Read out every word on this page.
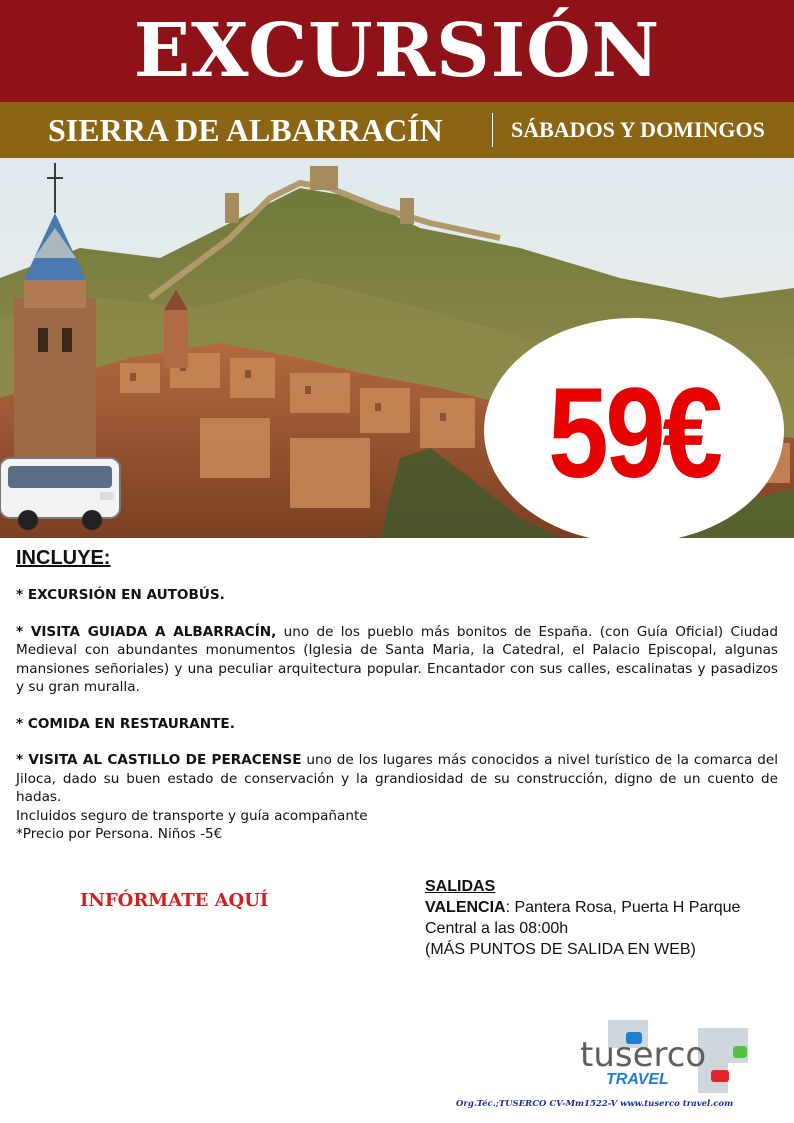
EXCURSIÓN
SIERRA DE ALBARRACÍN	SÁBADOS Y DOMINGOS
59€
INCLUYE:

* EXCURSIÓN EN AUTOBÚS.

* VISITA GUIADA A ALBARRACÍN, uno de los pueblo más bonitos de España. (con Guía Oficial) Ciudad Medieval con abundantes monumentos (Iglesia de Santa Maria, la Catedral, el Palacio Episcopal, algunas mansiones señoriales) y una peculiar arquitectura popular. Encantador con sus calles, escalinatas y pasadizos y su gran muralla.

* COMIDA EN RESTAURANTE.

* VISITA AL CASTILLO DE PERACENSE uno de los lugares más conocidos a nivel turístico de la comarca del Jiloca, dado su buen estado de conservación y la grandiosidad de su construcción, digno de un cuento de hadas.

Incluidos seguro de transporte y guía acompañante

*Precio por Persona. Niños -5€

INFÓRMATE AQUÍ
SALIDAS
VALENCIA: Pantera Rosa, Puerta H Parque Central a las 08:00h
(MÁS PUNTOS DE SALIDA EN WEB)
tuserco
TRAVEL
Org.Téc.;TUSERCO CV-Mm1522-V www.tuserco travel.com
